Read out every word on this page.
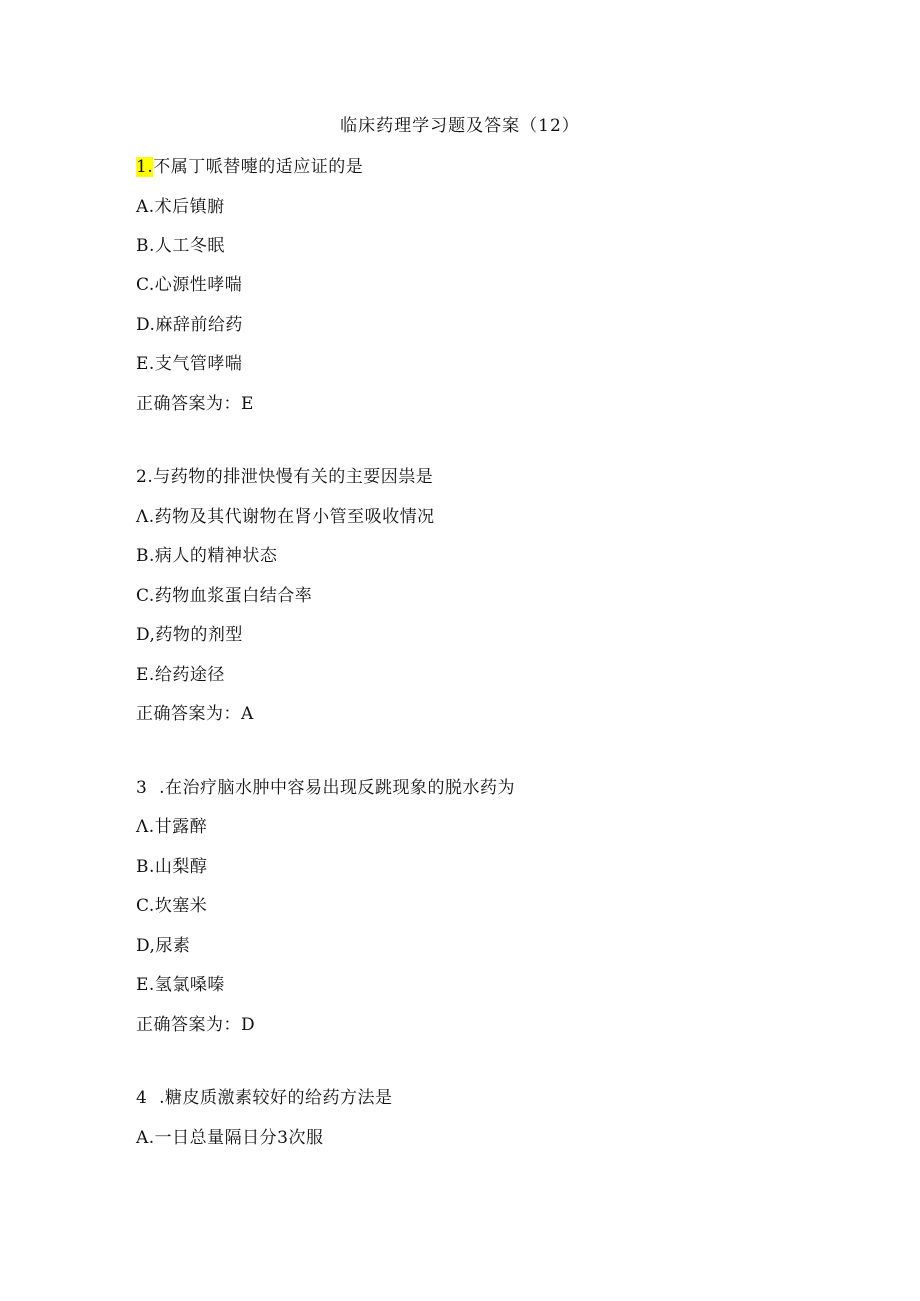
临床药理学习题及答案（12）
1.不属丁哌替嚏的适应证的是
A.术后镇腑
B.人工冬眠
C.心源性哮喘
D.麻辞前给药
E.支气管哮喘
正确答案为：E
2.与药物的排泄快慢有关的主要因祟是
Λ.药物及其代谢物在肾小管至吸收情况
B.病人的精神状态
C.药物血浆蛋白结合率
D,药物的剂型
E.给药途径
正确答案为：A
3  .在治疗脑水肿中容易出现反跳现象的脱水药为
Λ.甘露醉
B.山梨醇
C.坎塞米
D,尿素
E.氢氯嗓嗪
正确答案为：D
4  .糖皮质激素较好的给药方法是
A.一日总量隔日分3次服
